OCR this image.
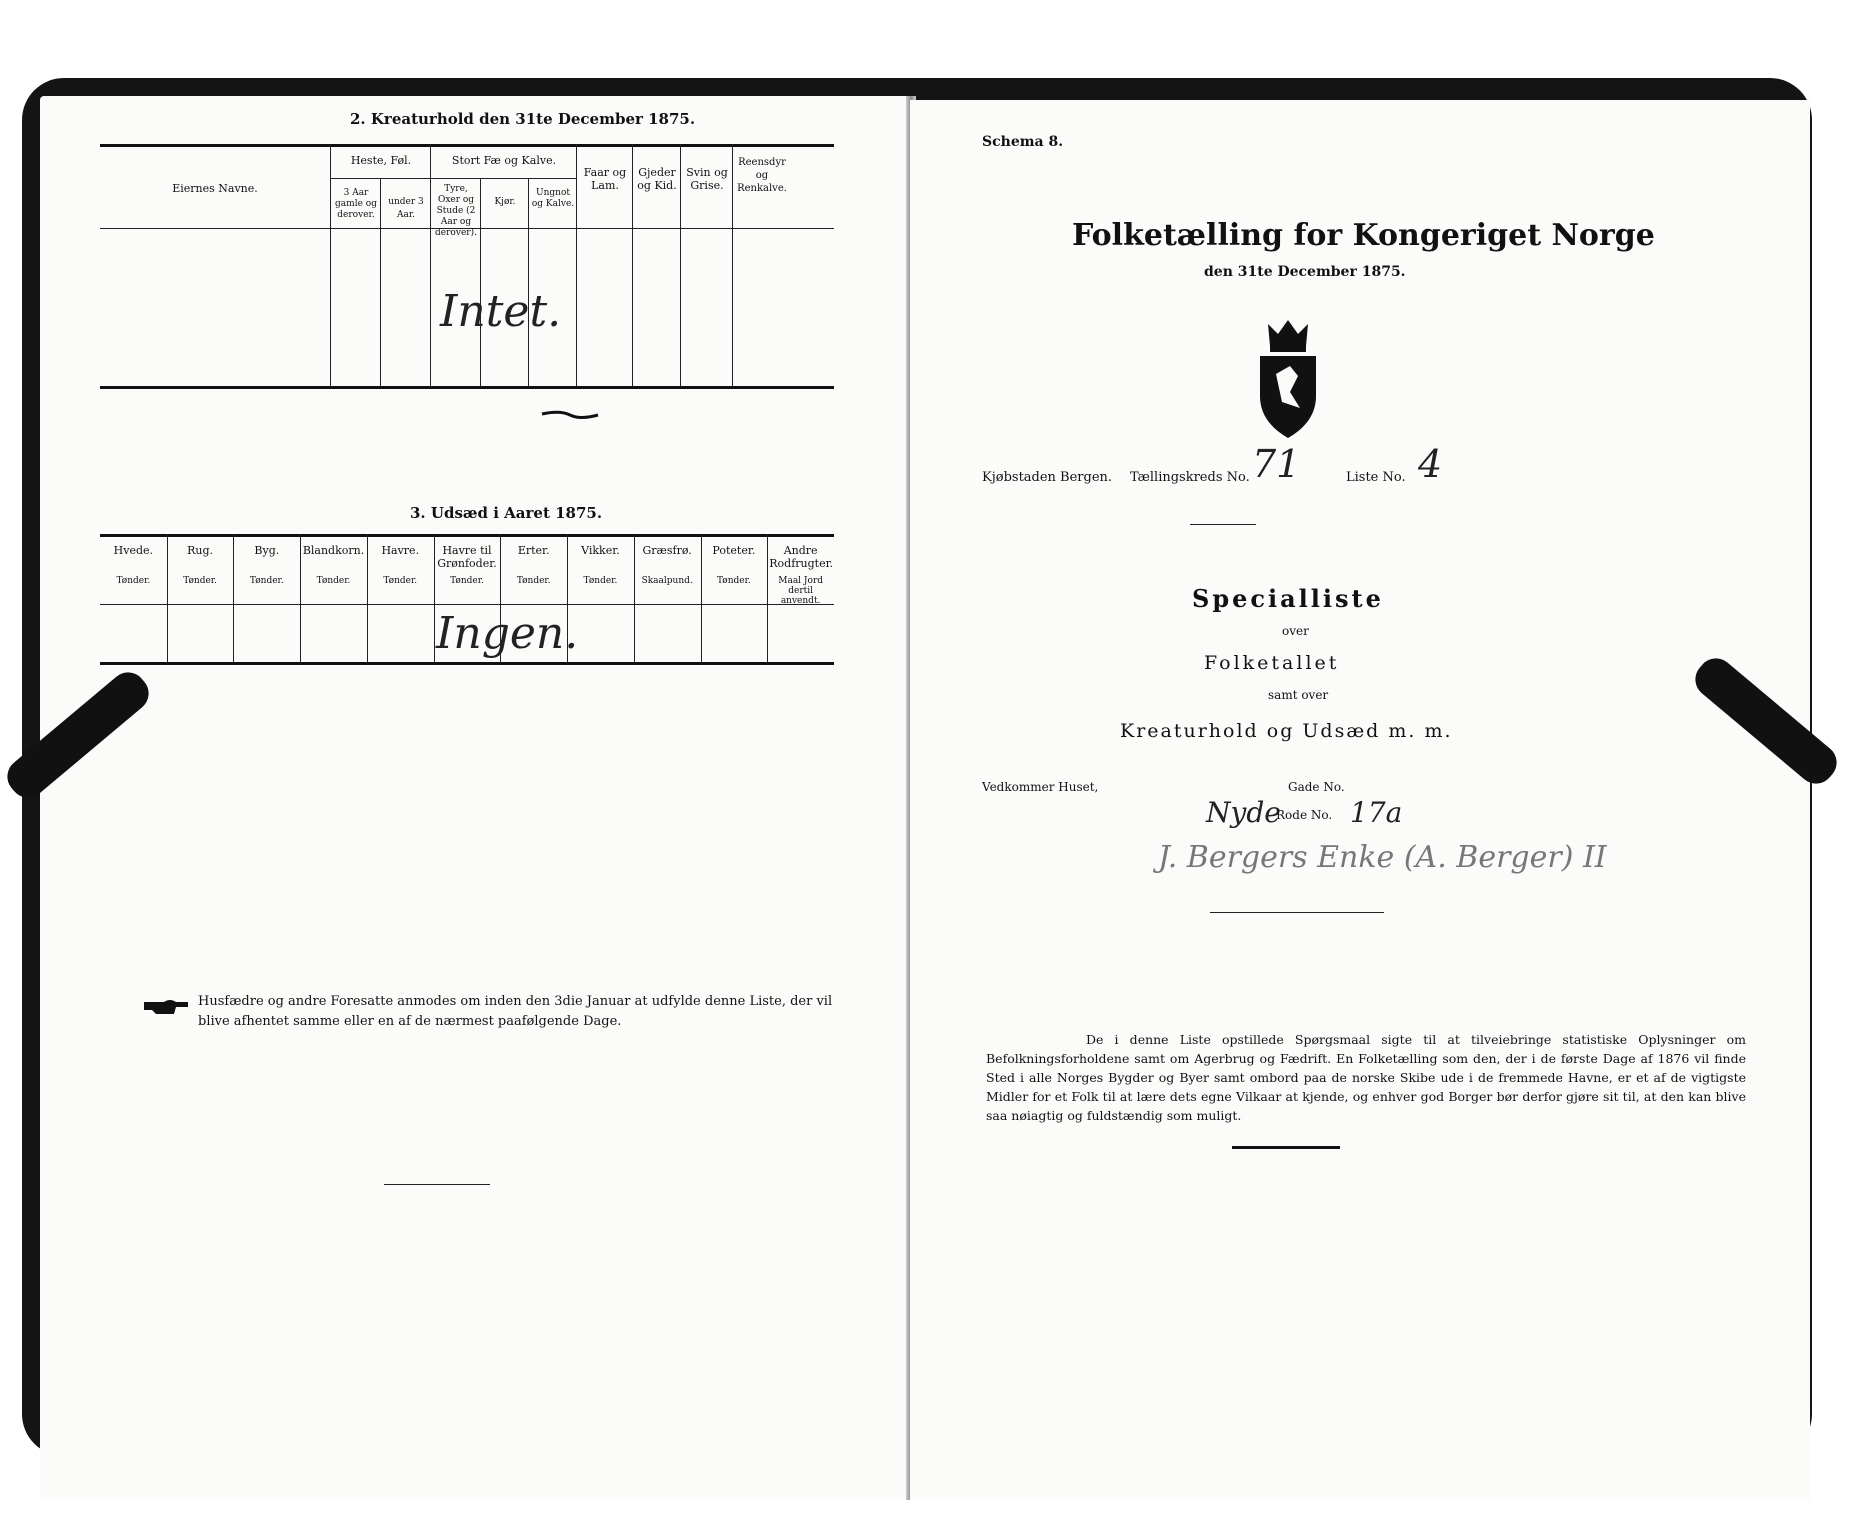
2. Kreaturhold den 31te December 1875.
Eiernes Navne.
Heste, Føl.
3 Aar gamle og derover.
under 3 Aar.
Stort Fæ og Kalve.
Tyre, Oxer og Stude (2 Aar og derover).
Kjør.
Ungnot og Kalve.
Faar og Lam.
Gjeder og Kid.
Svin og Grise.
Reensdyr og Renkalve.
Intet.
3. Udsæd i Aaret 1875.
Hvede.
Tønder.
Rug.
Tønder.
Byg.
Tønder.
Blandkorn.
Tønder.
Havre.
Tønder.
Havre til Grønfoder.
Tønder.
Erter.
Tønder.
Vikker.
Tønder.
Græsfrø.
Skaalpund.
Poteter.
Tønder.
Andre Rodfrugter.
Maal Jord dertil anvendt.
Ingen.
Husfædre og andre Foresatte anmodes om inden den 3die Januar at udfylde denne Liste, der vil blive afhentet samme eller en af de nærmest paafølgende Dage.
Schema 8.
Folketælling for Kongeriget Norge
den 31te December 1875.
Kjøbstaden Bergen. Tællingskreds No. 71	Liste No. 4
Specialliste
over
Folketallet
samt over
Kreaturhold og Udsæd m. m.
Vedkommer Huset,	Gade No.
Nyde
Rode No. 17a
J. Bergers Enke (A. Berger) II
De i denne Liste opstillede Spørgsmaal sigte til at tilveiebringe statistiske Oplysninger om Befolkningsforholdene samt om Agerbrug og Fædrift. En Folketælling som den, der i de første Dage af 1876 vil finde Sted i alle Norges Bygder og Byer samt ombord paa de norske Skibe ude i de fremmede Havne, er et af de vigtigste Midler for et Folk til at lære dets egne Vilkaar at kjende, og enhver god Borger bør derfor gjøre sit til, at den kan blive saa nøiagtig og fuldstændig som muligt.
